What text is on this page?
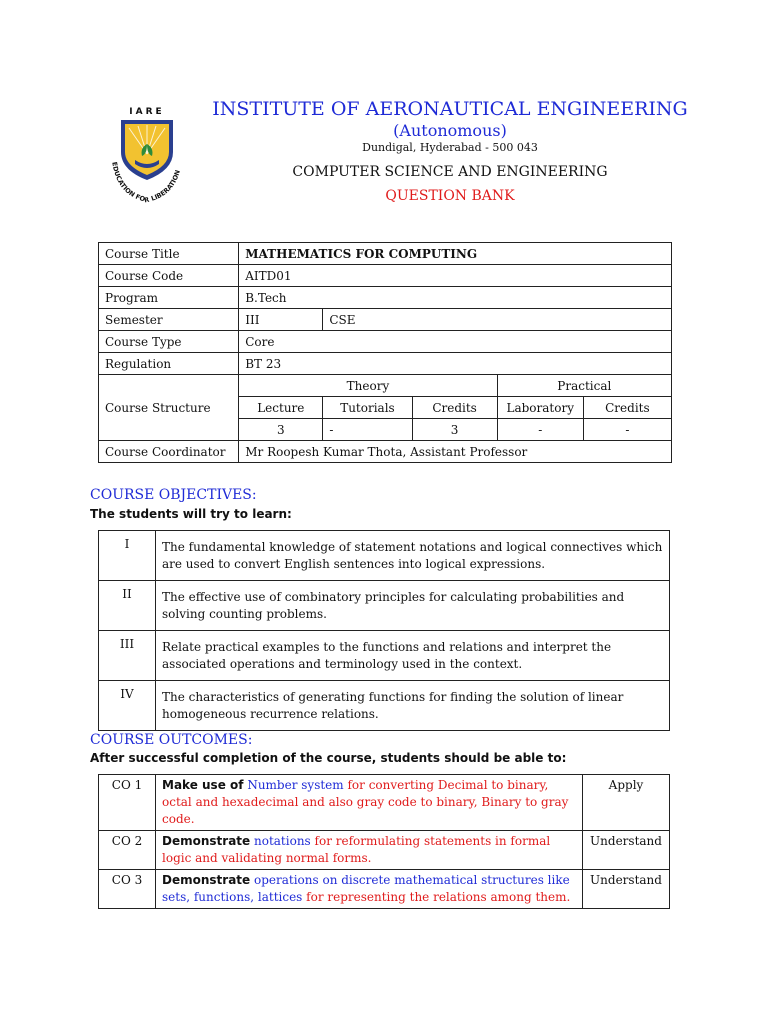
IARE
EDUCATION FOR LIBERATION
INSTITUTE OF AERONAUTICAL ENGINEERING
(Autonomous)
Dundigal, Hyderabad - 500 043
COMPUTER SCIENCE AND ENGINEERING
QUESTION BANK
Course Title	MATHEMATICS FOR COMPUTING				
Course Code	AITD01				
Program	B.Tech				
Semester	III	CSE			
Course Type	Core				
Regulation	BT 23				
Course Structure	Theory			Practical	
	Lecture	Tutorials	Credits	Laboratory	Credits
	3	-	3	-	-
Course Coordinator	Mr Roopesh Kumar Thota, Assistant Professor				
COURSE OBJECTIVES:
The students will try to learn:
I	The fundamental knowledge of statement notations and logical connectives which are used to convert English sentences into logical expressions.
II	The effective use of combinatory principles for calculating probabilities and solving counting problems.
III	Relate practical examples to the functions and relations and interpret the associated operations and terminology used in the context.
IV	The characteristics of generating functions for finding the solution of linear homogeneous recurrence relations.
COURSE OUTCOMES:
After successful completion of the course, students should be able to:
CO 1	Make use of Number system for converting Decimal to binary, octal and hexadecimal and also gray code to binary, Binary to gray code.	Apply
CO 2	Demonstrate notations for reformulating statements in formal logic and validating normal forms.	Understand
CO 3	Demonstrate operations on discrete mathematical structures like sets, functions, lattices for representing the relations among them.	Understand
